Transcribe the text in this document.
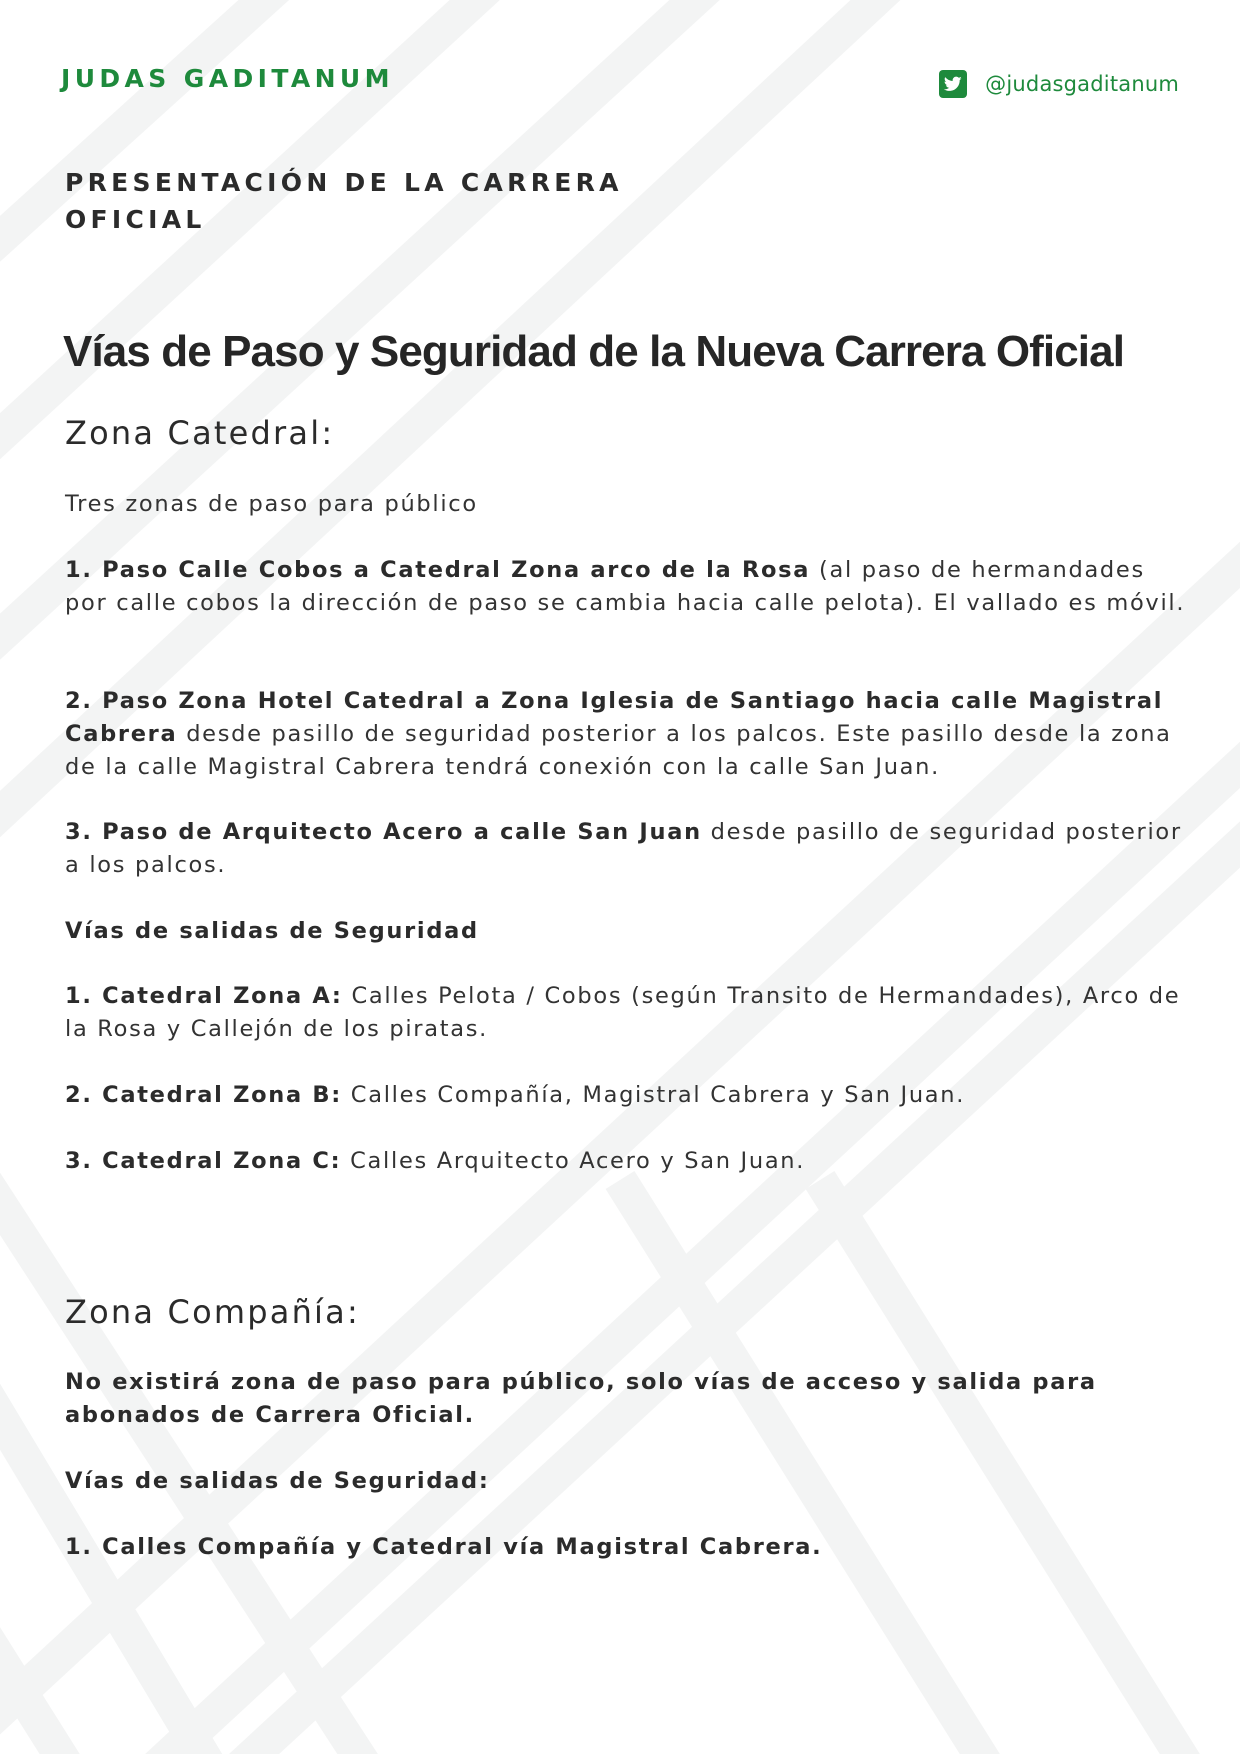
JUDAS GADITANUM	@judasgaditanum
PRESENTACIÓN DE LA CARRERA
OFICIAL
Vías de Paso y Seguridad de la Nueva Carrera Oficial
Zona Catedral:

Tres zonas de paso para público

1. Paso Calle Cobos a Catedral Zona arco de la Rosa (al paso de hermandades por calle cobos la dirección de paso se cambia hacia calle pelota). El vallado es móvil.

2. Paso Zona Hotel Catedral a Zona Iglesia de Santiago hacia calle Magistral Cabrera desde pasillo de seguridad posterior a los palcos. Este pasillo desde la zona de la calle Magistral Cabrera tendrá conexión con la calle San Juan.

3. Paso de Arquitecto Acero a calle San Juan desde pasillo de seguridad posterior a los palcos.

Vías de salidas de Seguridad

1. Catedral Zona A: Calles Pelota / Cobos (según Transito de Hermandades), Arco de la Rosa y Callejón de los piratas.

2. Catedral Zona B: Calles Compañía, Magistral Cabrera y San Juan.

3. Catedral Zona C: Calles Arquitecto Acero y San Juan.

Zona Compañía:

No existirá zona de paso para público, solo vías de acceso y salida para abonados de Carrera Oficial.

Vías de salidas de Seguridad:

1. Calles Compañía y Catedral vía Magistral Cabrera.
